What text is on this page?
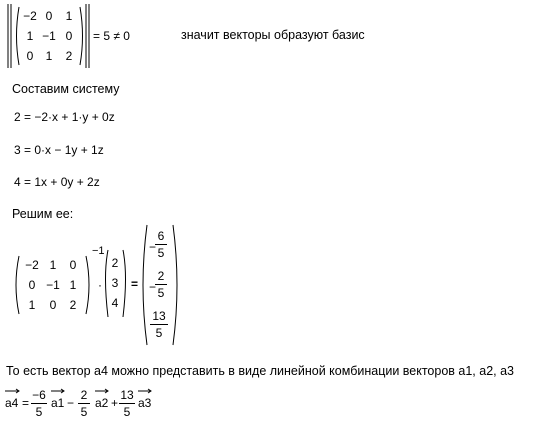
−2 0	1
1 −1 0
0	1	2
= 5 ≠ 0	значит векторы образуют базис
Составим систему
2 = −2·x + 1·y + 0z
3 = 0·x − 1y + 1z
4 = 1x + 0y + 2z
Решим ее:
−2 1	0
0 −1 1
1	0	2
−1
·
2
3
4
=
−
6
5
−
2
5
13
5
То есть вектор a4 можно представить в виде линейной комбинации векторов a1, a2, a3
a4 =
−6
5
a1 −
2
5
a2 +
13
5
a3
